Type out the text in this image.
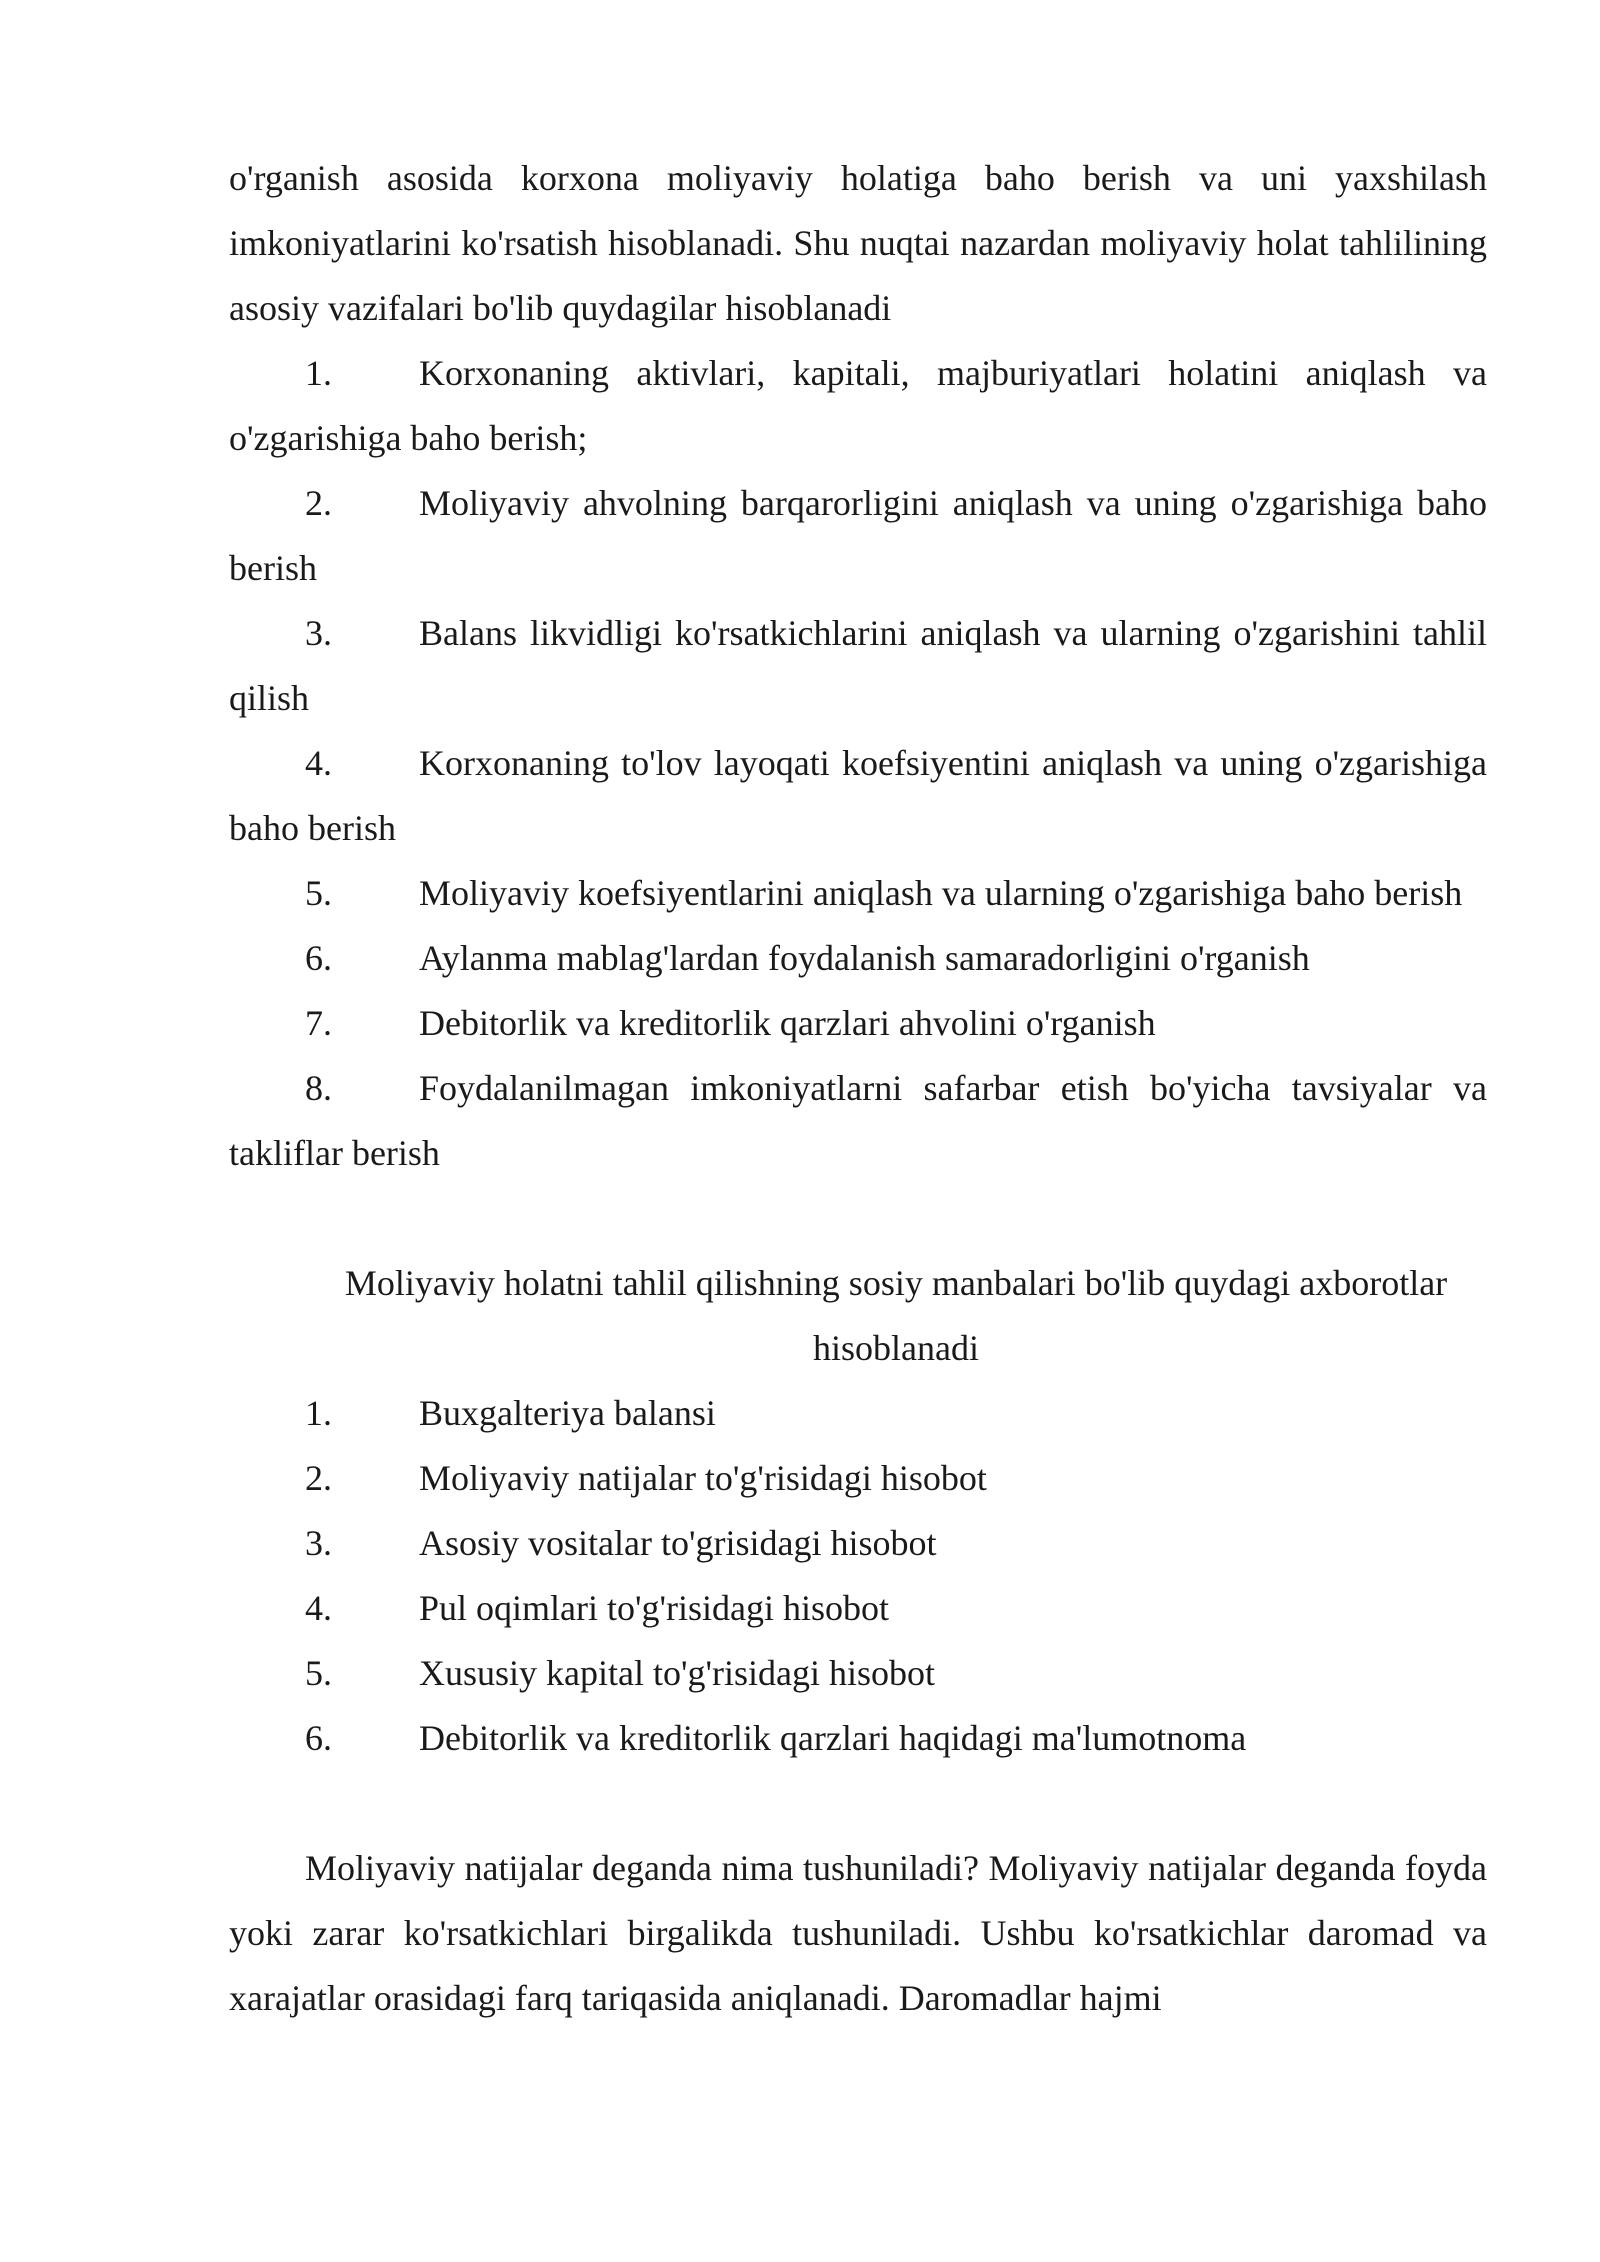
o'rganish asosida korxona moliyaviy holatiga baho berish va uni yaxshilash imkoniyatlarini ko'rsatish hisoblanadi. Shu nuqtai nazardan moliyaviy holat tahlilining asosiy vazifalari bo'lib quydagilar hisoblanadi

1. Korxonaning aktivlari, kapitali, majburiyatlari holatini aniqlash va o'zgarishiga baho berish;
2. Moliyaviy ahvolning barqarorligini aniqlash va uning o'zgarishiga baho berish
3. Balans likvidligi ko'rsatkichlarini aniqlash va ularning o'zgarishini tahlil qilish
4. Korxonaning to'lov layoqati koefsiyentini aniqlash va uning o'zgarishiga baho berish
5. Moliyaviy koefsiyentlarini aniqlash va ularning o'zgarishiga baho berish
6. Aylanma mablag'lardan foydalanish samaradorligini o'rganish
7. Debitorlik va kreditorlik qarzlari ahvolini o'rganish
8. Foydalanilmagan imkoniyatlarni safarbar etish bo'yicha tavsiyalar va takliflar berish

Moliyaviy holatni tahlil qilishning sosiy manbalari bo'lib quydagi axborotlar hisoblanadi

1. Buxgalteriya balansi
2. Moliyaviy natijalar to'g'risidagi hisobot
3. Asosiy vositalar to'grisidagi hisobot
4. Pul oqimlari to'g'risidagi hisobot
5. Xususiy kapital to'g'risidagi hisobot
6. Debitorlik va kreditorlik qarzlari haqidagi ma'lumotnoma

Moliyaviy natijalar deganda nima tushuniladi? Moliyaviy natijalar deganda foyda yoki zarar ko'rsatkichlari birgalikda tushuniladi. Ushbu ko'rsatkichlar daromad va xarajatlar orasidagi farq tariqasida aniqlanadi. Daromadlar hajmi
